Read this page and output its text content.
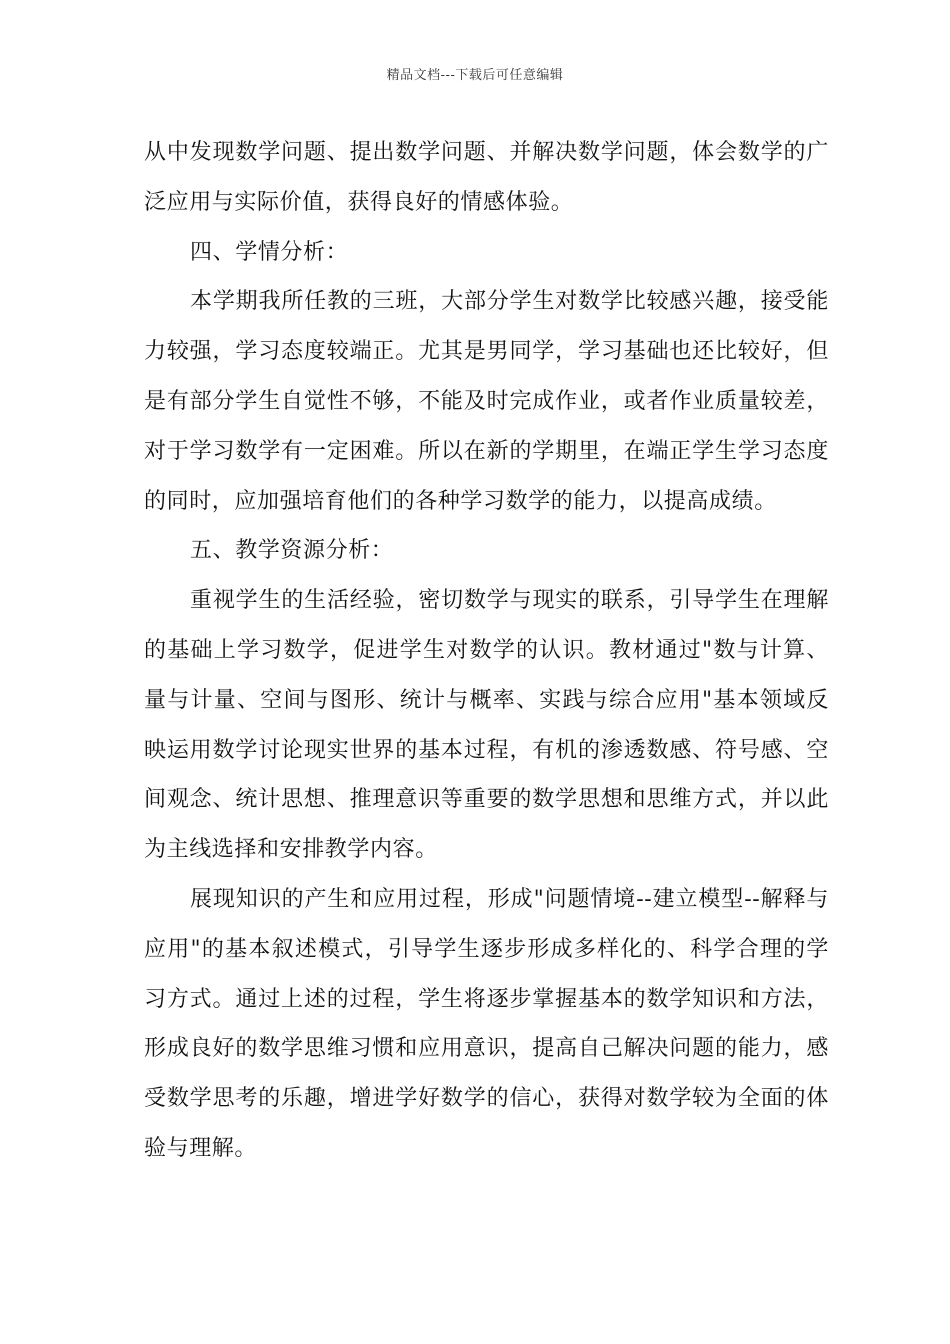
精品文档---下载后可任意编辑

从中发现数学问题、提出数学问题、并解决数学问题，体会数学的广泛应用与实际价值，获得良好的情感体验。

四、学情分析：

本学期我所任教的三班，大部分学生对数学比较感兴趣，接受能力较强，学习态度较端正。尤其是男同学，学习基础也还比较好，但是有部分学生自觉性不够，不能及时完成作业，或者作业质量较差，对于学习数学有一定困难。所以在新的学期里，在端正学生学习态度的同时，应加强培育他们的各种学习数学的能力，以提高成绩。

五、教学资源分析：

重视学生的生活经验，密切数学与现实的联系，引导学生在理解的基础上学习数学，促进学生对数学的认识。教材通过"数与计算、量与计量、空间与图形、统计与概率、实践与综合应用"基本领域反映运用数学讨论现实世界的基本过程，有机的渗透数感、符号感、空间观念、统计思想、推理意识等重要的数学思想和思维方式，并以此为主线选择和安排教学内容。

展现知识的产生和应用过程，形成"问题情境--建立模型--解释与应用"的基本叙述模式，引导学生逐步形成多样化的、科学合理的学习方式。通过上述的过程，学生将逐步掌握基本的数学知识和方法，形成良好的数学思维习惯和应用意识，提高自己解决问题的能力，感受数学思考的乐趣，增进学好数学的信心，获得对数学较为全面的体验与理解。
